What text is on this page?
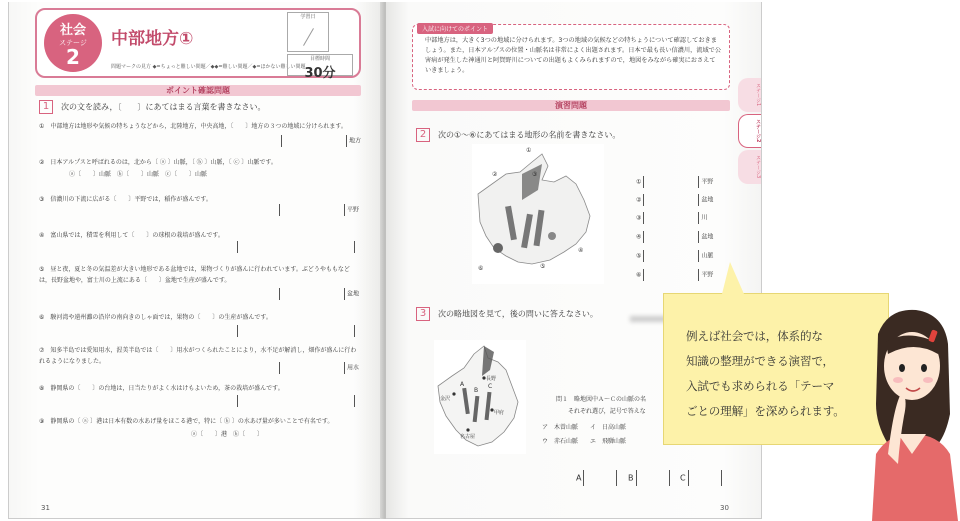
社会
ステージ
2
中部地方①
問題マークの見方 ◆=ちょっと難しい問題／◆◆=難しい問題／◆=ほかない難しい問題
学習日
目標時間
30分
ポイント確認問題
1 次の文を読み，〔　　〕にあてはまる言葉を書きなさい。
①　 中部地方は地形や気候の特ちょうなどから，北陸地方，中央高地，〔　　〕地方の３つの地域に分けられます。
地方
②　 日本アルプスと呼ばれるのは，北から〔 ⓐ 〕山脈，〔 ⓑ 〕山脈，〔 ⓒ 〕山脈です。
ⓐ〔　　〕山脈　ⓑ〔　　〕山脈　ⓒ〔　　〕山脈
③　 信濃川の下流に広がる〔　　〕平野では，稲作が盛んです。
平野
④　 富山県では，積雪を利用して〔　　〕の球根の栽培が盛んです。
⑤　 昼と夜，夏と冬の気温差が大きい地形である盆地では，果物づくりが盛んに行われています。ぶどうやももなどは，長野盆地や，富士川の上流にある〔　　〕盆地で生産が盛んです。
盆地
⑥　 駿河湾や遠州灘の沿岸の南向きのしゃ面では，果物の〔　　〕の生産が盛んです。
⑦　 知多半島では愛知用水，渥美半島では〔　　〕用水がつくられたことにより，水不足が解消し，畑作が盛んに行われるようになりました。
用水
⑧　 静岡県の〔　　〕の台地は，日当たりがよく水はけもよいため，茶の栽培が盛んです。
⑨　 静岡県の〔 ⓐ 〕港は日本有数の水あげ量をほこる港で，特に〔 ⓑ 〕の水あげ量が多いことで有名です。
ⓐ〔　　〕港　ⓑ〔　　〕
31
入試に向けてのポイント
中部地方は，大きく3つの地域に分けられます。3つの地域の気候などの特ちょうについて確認しておきましょう。また，日本アルプスの位置・山脈名は非常によく出題されます。日本で最も長い信濃川，流域で公害病が発生した神通川と阿賀野川についての出題もよくみられますので，地図をみながら確実におさえていきましょう。
演習問題
2 次の①～⑥にあてはまる地形の名前を書きなさい。
①
②	③
④
⑤
⑥
①	平野
②	盆地
③	川
④	盆地
⑤	山脈
⑥	平野
3 次の略地図を見て，後の問いに答えなさい。
金沢
長野
甲府
名古屋
A
B
C
問１　略地図中Ａ～Ｃの山脈の名
それぞれ選び，記号で答えな
ア　木曽山脈　　イ　日高山脈
ウ　赤石山脈　　エ　飛騨山脈
A	B	C
ステージ1
ステージ2
ステージ3
30
例えば社会では，体系的な
知識の整理ができる演習で，
入試でも求められる「テーマ
ごとの理解」を深められます。
